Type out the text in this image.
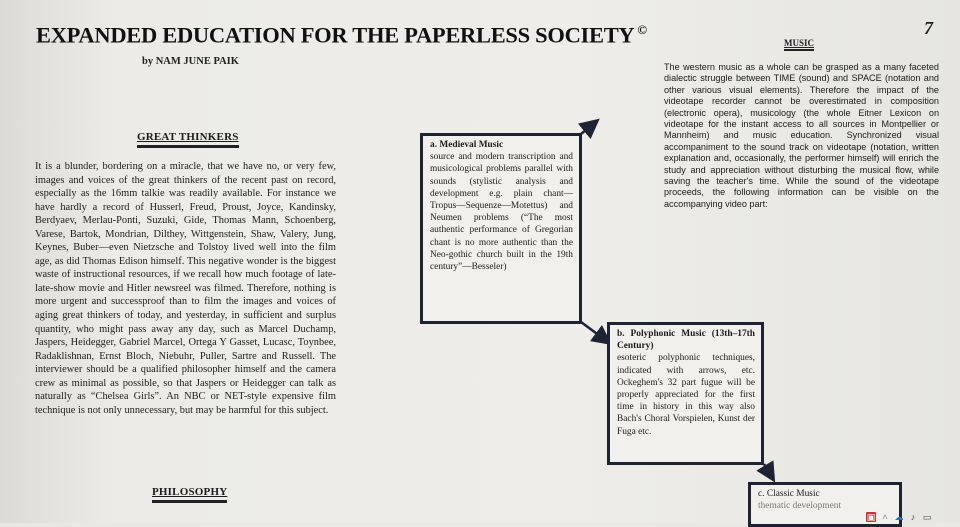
EXPANDED EDUCATION FOR THE PAPERLESS SOCIETY ©
by NAM JUNE PAIK
7
GREAT THINKERS

It is a blunder, bordering on a miracle, that we have no, or very few, images and voices of the great thinkers of the recent past on record, especially as the 16mm talkie was readily available. For instance we have hardly a record of Husserl, Freud, Proust, Joyce, Kandinsky, Berdyaev, Merlau-Ponti, Suzuki, Gide, Thomas Mann, Schoenberg, Varese, Bartok, Mondrian, Dilthey, Wittgenstein, Shaw, Valery, Jung, Keynes, Buber—even Nietzsche and Tolstoy lived well into the film age, as did Thomas Edison himself. This negative wonder is the biggest waste of instructional resources, if we recall how much footage of late-late-show movie and Hitler newsreel was filmed. Therefore, nothing is more urgent and successproof than to film the images and voices of aging great thinkers of today, and yesterday, in sufficient and surplus quantity, who might pass away any day, such as Marcel Duchamp, Jaspers, Heidegger, Gabriel Marcel, Ortega Y Gasset, Lucasc, Toynbee, Radaklishnan, Ernst Bloch, Niebuhr, Puller, Sartre and Russell. The interviewer should be a qualified philosopher himself and the camera crew as minimal as possible, so that Jaspers or Heidegger can talk as naturally as “Chelsea Girls”. An NBC or NET-style expensive film technique is not only unnecessary, but may be harmful for this subject.

PHILOSOPHY
MUSIC

The western music as a whole can be grasped as a many faceted dialectic struggle between TIME (sound) and SPACE (notation and other various visual elements). Therefore the impact of the videotape recorder cannot be overestimated in composition (electronic opera), musicology (the whole Eitner Lexicon on videotape for the instant access to all sources in Montpellier or Mannheim) and music education. Synchronized visual accompaniment to the sound track on videotape (notation, written explanation and, occasionally, the performer himself) will enrich the study and appreciation without disturbing the musical flow, while saving the teacher's time. While the sound of the videotape proceeds, the following information can be visible on the accompanying video part:

a. Medieval Music
source and modern transcription and musicological problems parallel with sounds (stylistic analysis and development e.g. plain chant—Tropus—Sequenze—Motettus) and Neumen problems (“The most authentic performance of Gregorian chant is no more authentic than the Neo-gothic church built in the 19th century”—Besseler)
b. Polyphonic Music (13th–17th Century)
esoteric polyphonic techniques, indicated with arrows, etc. Ockeghem's 32 part fugue will be properly appreciated for the first time in history in this way also Bach's Choral Vorspielen, Kunst der Fuga etc.
c. Classic Music
thematic development
▣ ˄ ☁ ♪ ▭
